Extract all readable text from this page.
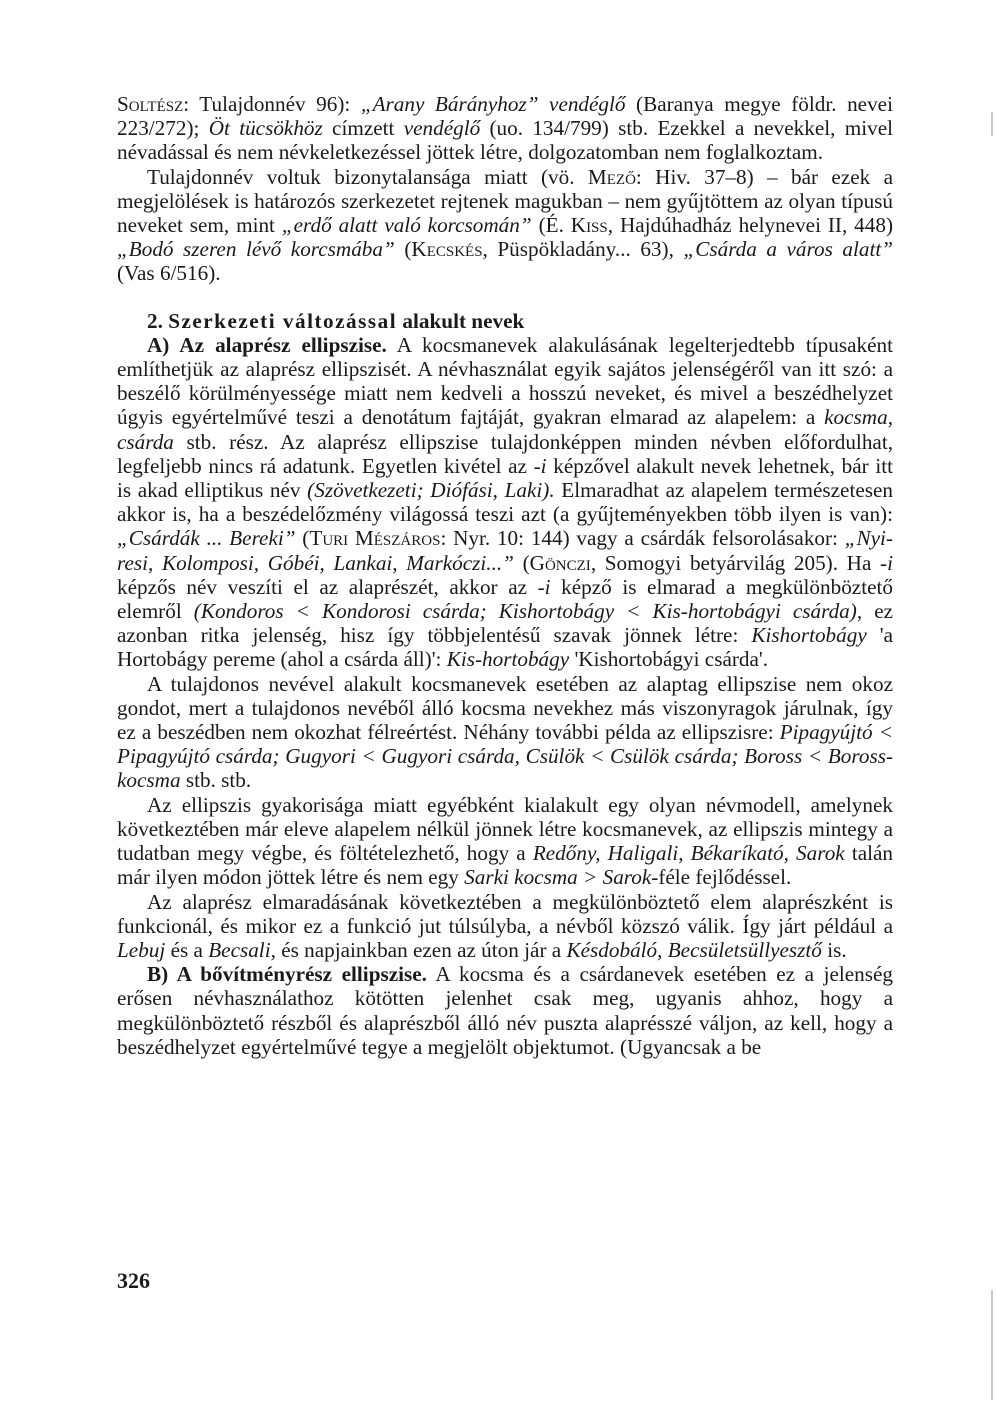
Soltész: Tulajdonnév 96): „Arany Bárányhoz” vendéglő (Baranya megye földr. nevei 223/272); Öt tücsökhöz címzett vendéglő (uo. 134/799) stb. Ezekkel a nevekkel, mivel névadással és nem névkeletkezéssel jöttek létre, dolgozatomban nem foglalkoztam.

Tulajdonnév voltuk bizonytalansága miatt (vö. Mező: Hiv. 37–8) – bár ezek a megjelölések is határozós szerkezetet rejtenek magukban – nem gyűjtöttem az olyan típusú neveket sem, mint „erdő alatt való korcsomán” (É. Kiss, Hajdúhadház helynevei II, 448) „Bodó szeren lévő korcsmába” (Kecskés, Püspökladány... 63), „Csárda a város alatt” (Vas 6/516).

2. Szerkezeti változással alakult nevek

A) Az alaprész ellipszise. A kocsmanevek alakulásának legelterjedtebb típusaként említhetjük az alaprész ellipszisét. A névhasználat egyik sajátos jelenségéről van itt szó: a beszélő körülményessége miatt nem kedveli a hosszú neveket, és mivel a beszédhelyzet úgyis egyértelművé teszi a denotátum fajtáját, gyakran elmarad az alapelem: a kocsma, csárda stb. rész. Az alaprész ellipszise tulajdonképpen minden névben előfordulhat, legfeljebb nincs rá adatunk. Egyetlen kivétel az -i képzővel alakult nevek lehetnek, bár itt is akad elliptikus név (Szövetkezeti; Diófási, Laki). Elmaradhat az alapelem természetesen akkor is, ha a beszédelőzmény világossá teszi azt (a gyűjteményekben több ilyen is van): „Csárdák ... Bereki” (Turi Mészáros: Nyr. 10: 144) vagy a csárdák felsorolásakor: „Nyiresi, Kolomposi, Góbéi, Lankai, Markóczi...” (Gönczi, Somogyi betyárvilág 205). Ha -i képzős név veszíti el az alaprészét, akkor az -i képző is elmarad a megkülönböztető elemről (Kondoros < Kondorosi csárda; Kishortobágy < Kis-hortobágyi csárda), ez azonban ritka jelenség, hisz így többjelentésű szavak jönnek létre: Kishortobágy 'a Hortobágy pereme (ahol a csárda áll)': Kis-hortobágy 'Kishortobágyi csárda'.

A tulajdonos nevével alakult kocsmanevek esetében az alaptag ellipszise nem okoz gondot, mert a tulajdonos nevéből álló kocsma nevekhez más viszonyragok járulnak, így ez a beszédben nem okozhat félreértést. Néhány további példa az ellipszisre: Pipagyújtó < Pipagyújtó csárda; Gugyori < Gugyori csárda, Csülök < Csülök csárda; Boross < Boross-kocsma stb. stb.

Az ellipszis gyakorisága miatt egyébként kialakult egy olyan névmodell, amelynek következtében már eleve alapelem nélkül jönnek létre kocsmanevek, az ellipszis mintegy a tudatban megy végbe, és föltételezhető, hogy a Redőny, Haligali, Békaríkató, Sarok talán már ilyen módon jöttek létre és nem egy Sarki kocsma > Sarok-féle fejlődéssel.

Az alaprész elmaradásának következtében a megkülönböztető elem alaprészként is funkcionál, és mikor ez a funkció jut túlsúlyba, a névből közszó válik. Így járt például a Lebuj és a Becsali, és napjainkban ezen az úton jár a Késdobáló, Becsületsüllyesztő is.

B) A bővítményrész ellipszise. A kocsma és a csárdanevek esetében ez a jelenség erősen névhasználathoz kötötten jelenhet csak meg, ugyanis ahhoz, hogy a megkülönböztető részből és alaprészből álló név puszta alaprésszé váljon, az kell, hogy a beszédhelyzet egyértelművé tegye a megjelölt objektumot. (Ugyancsak a be

326
